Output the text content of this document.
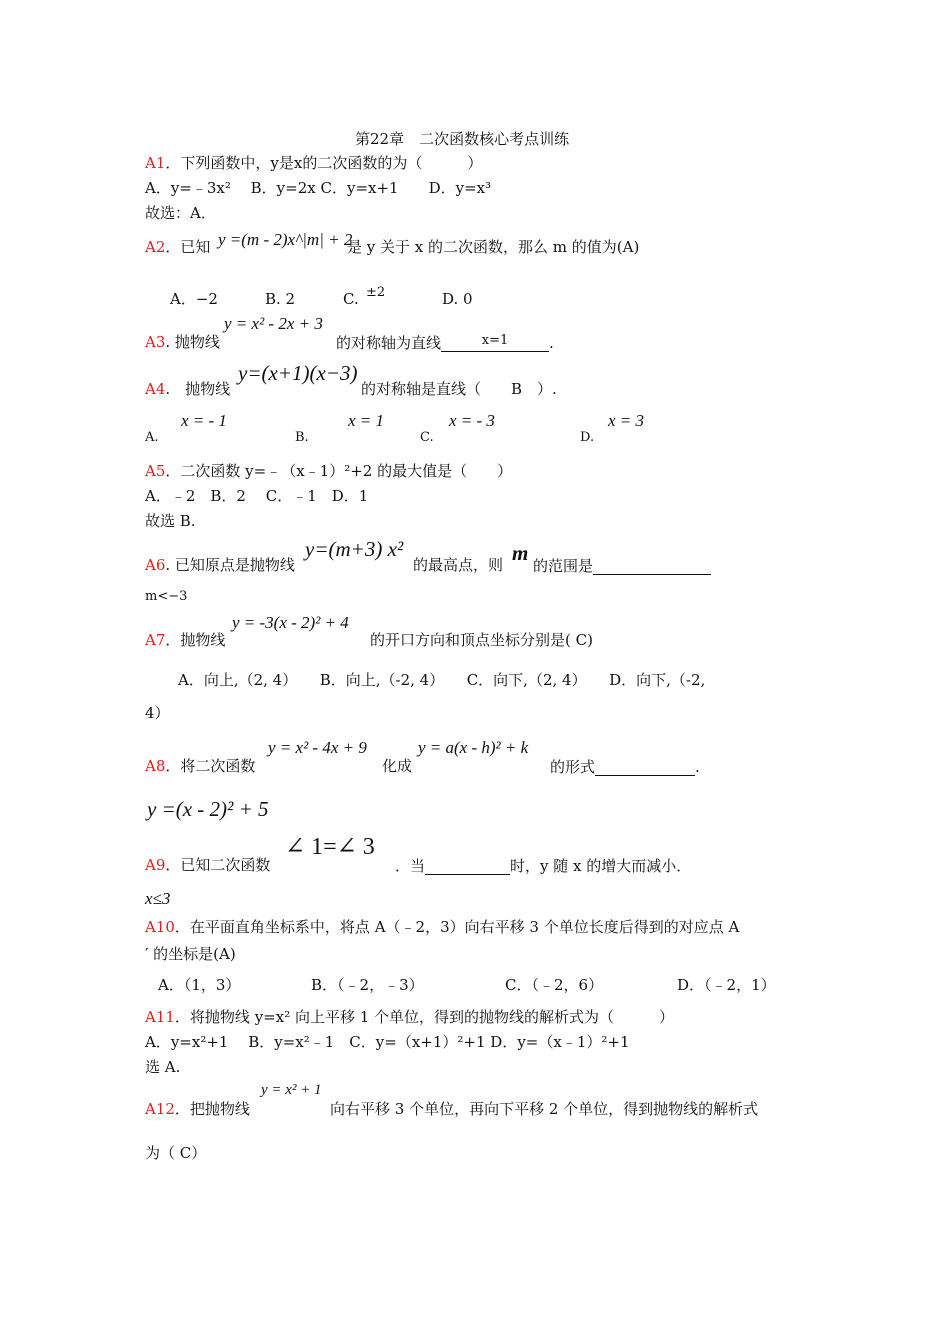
第22章　二次函数核心考点训练
A1．下列函数中，y是x的二次函数的为（　　　）
A．y=﹣3x² 　B．y=2x C．y=x+1　　D．y=x³
故选：A．
A2．已知 y =(m - 2)x^|m| + 2
是 y 关于 x 的二次函数，那么 m 的值为(A)
A．−2	B. 2	C. ±2	D. 0
A3. 抛物线
y = x² - 2x + 3
的对称轴为直线	x=1	.
A4.　抛物线
y=(x+1)(x−3)
的对称轴是直线（　　B　）.
A.
x = - 1
B.
x = 1
C.
x = - 3
D.
x = 3
A5．二次函数 y=﹣（x﹣1）²+2 的最大值是（　　）
A．﹣2　B．2　 C．﹣1　D．1
故选 B.
A6. 已知原点是抛物线
y=(m+3) x²
的最高点，则 m
的范围是
m<−3
A7．抛物线
y = -3(x - 2)² + 4
的开口方向和顶点坐标分别是( C)
A．向上,（2, 4）　　B．向上,（-2, 4）　　C．向下,（2, 4）　　D．向下,（-2,
4）
A8．将二次函数
y = x² - 4x + 9
化成
y = a(x - h)² + k
的形式	.
y =(x - 2)² + 5
A9．已知二次函数
∠ 1=∠ 3
．当	时，y 随 x 的增大而减小．
x≤3
A10．在平面直角坐标系中，将点 A（﹣2，3）向右平移 3 个单位长度后得到的对应点 A
′ 的坐标是(A)
A．（1，3）	B．（﹣2，﹣3）	C．（﹣2，6）	D．（﹣2，1）
A11．将抛物线 y=x² 向上平移 1 个单位，得到的抛物线的解析式为（　　　）
A．y=x²+1　 B．y=x²﹣1　C．y=（x+1）²+1 D．y=（x﹣1）²+1
选 A.
A12．把抛物线
y = x² + 1
向右平移 3 个单位，再向下平移 2 个单位，得到抛物线的解析式
为（ C）
